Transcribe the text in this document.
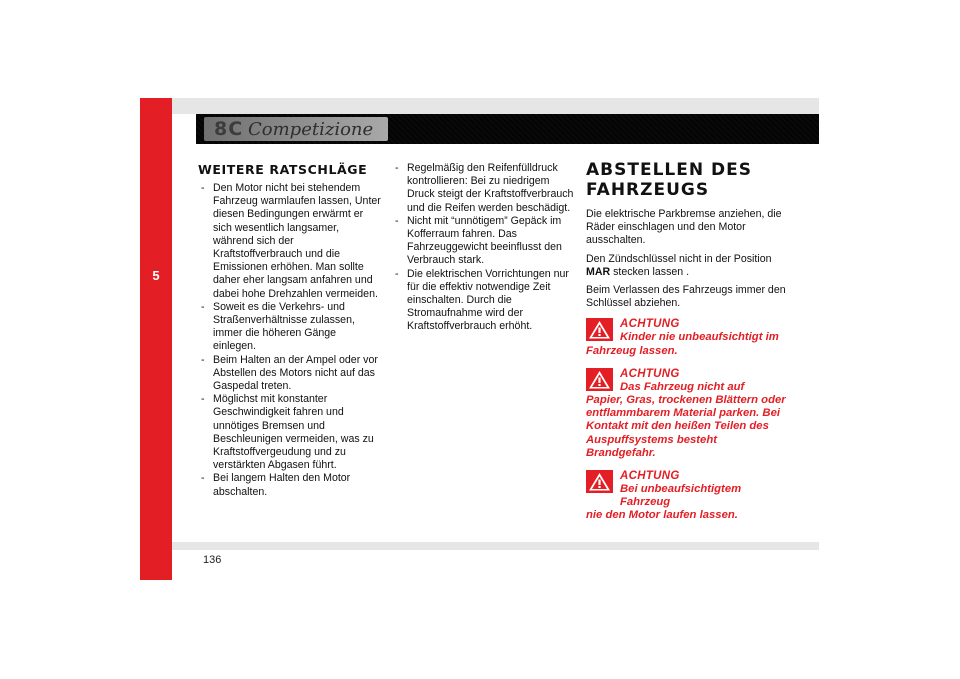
5
8C Competizione
WEITERE RATSCHLÄGE
- Den Motor nicht bei stehendem Fahrzeug warmlaufen lassen, Unter diesen Bedingungen erwärmt er sich wesentlich langsamer, während sich der Kraftstoffverbrauch und die Emissionen erhöhen. Man sollte daher eher langsam anfahren und dabei hohe Drehzahlen vermeiden.
- Soweit es die Verkehrs- und Straßenverhältnisse zulassen, immer die höheren Gänge einlegen.
- Beim Halten an der Ampel oder vor Abstellen des Motors nicht auf das Gaspedal treten.
- Möglichst mit konstanter Geschwindigkeit fahren und unnötiges Bremsen und Beschleunigen vermeiden, was zu Kraftstoffvergeudung und zu verstärkten Abgasen führt.
- Bei langem Halten den Motor abschalten.
- Regelmäßig den Reifenfülldruck kontrollieren: Bei zu niedrigem Druck steigt der Kraftstoffverbrauch und die Reifen werden beschädigt.
- Nicht mit “unnötigem” Gepäck im Kofferraum fahren. Das Fahrzeuggewicht beeinflusst den Verbrauch stark.
- Die elektrischen Vorrichtungen nur für die effektiv notwendige Zeit einschalten. Durch die Stromaufnahme wird der Kraftstoffverbrauch erhöht.
ABSTELLEN DES
FAHRZEUGS

Die elektrische Parkbremse anziehen, die Räder einschlagen und den Motor ausschalten.

Den Zündschlüssel nicht in der Position MAR stecken lassen .

Beim Verlassen des Fahrzeugs immer den Schlüssel abziehen.

ACHTUNG
Kinder nie unbeaufsichtigt im
Fahrzeug lassen.
ACHTUNG
Das Fahrzeug nicht auf
Papier, Gras, trockenen Blättern oder entflammbarem Material parken. Bei Kontakt mit den heißen Teilen des Auspuffsystems besteht Brandgefahr.
ACHTUNG
Bei unbeaufsichtigtem Fahrzeug
nie den Motor laufen lassen.
136
